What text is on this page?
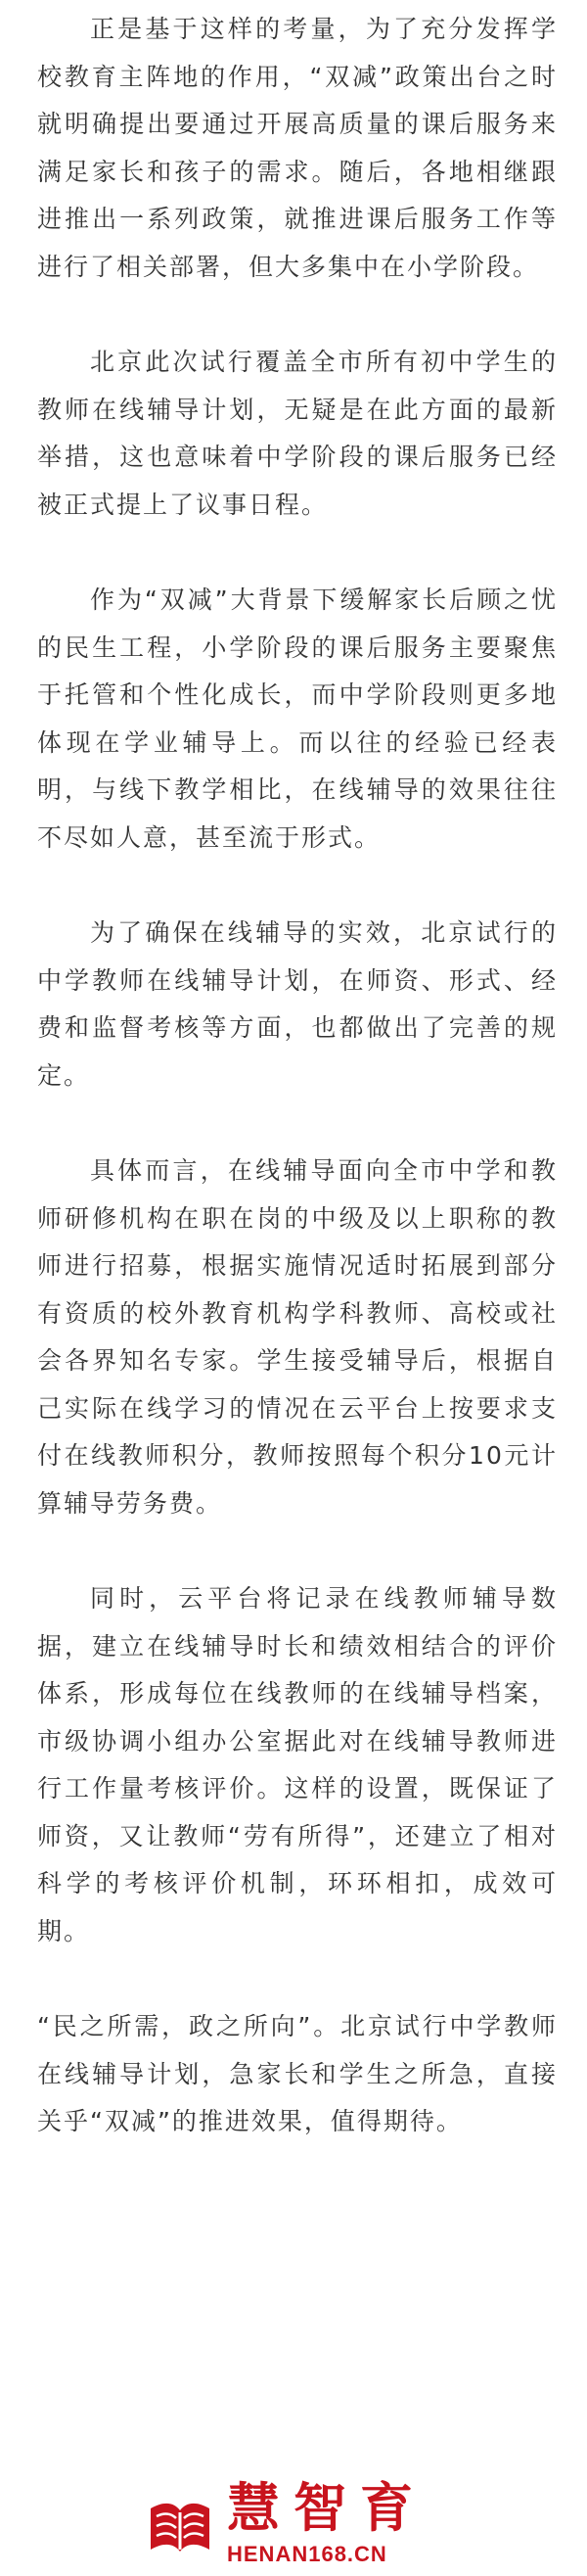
正是基于这样的考量，为了充分发挥学校教育主阵地的作用，“双减”政策出台之时就明确提出要通过开展高质量的课后服务来满足家长和孩子的需求。随后，各地相继跟进推出一系列政策，就推进课后服务工作等进行了相关部署，但大多集中在小学阶段。

北京此次试行覆盖全市所有初中学生的教师在线辅导计划，无疑是在此方面的最新举措，这也意味着中学阶段的课后服务已经被正式提上了议事日程。

作为“双减”大背景下缓解家长后顾之忧的民生工程，小学阶段的课后服务主要聚焦于托管和个性化成长，而中学阶段则更多地体现在学业辅导上。而以往的经验已经表明，与线下教学相比，在线辅导的效果往往不尽如人意，甚至流于形式。

为了确保在线辅导的实效，北京试行的中学教师在线辅导计划，在师资、形式、经费和监督考核等方面，也都做出了完善的规定。

具体而言，在线辅导面向全市中学和教师研修机构在职在岗的中级及以上职称的教师进行招募，根据实施情况适时拓展到部分有资质的校外教育机构学科教师、高校或社会各界知名专家。学生接受辅导后，根据自己实际在线学习的情况在云平台上按要求支付在线教师积分，教师按照每个积分10元计算辅导劳务费。

同时，云平台将记录在线教师辅导数据，建立在线辅导时长和绩效相结合的评价体系，形成每位在线教师的在线辅导档案，市级协调小组办公室据此对在线辅导教师进行工作量考核评价。这样的设置，既保证了师资，又让教师“劳有所得”，还建立了相对科学的考核评价机制，环环相扣，成效可期。

“民之所需，政之所向”。北京试行中学教师在线辅导计划，急家长和学生之所急，直接关乎“双减”的推进效果，值得期待。

慧智育
HENAN168.CN
